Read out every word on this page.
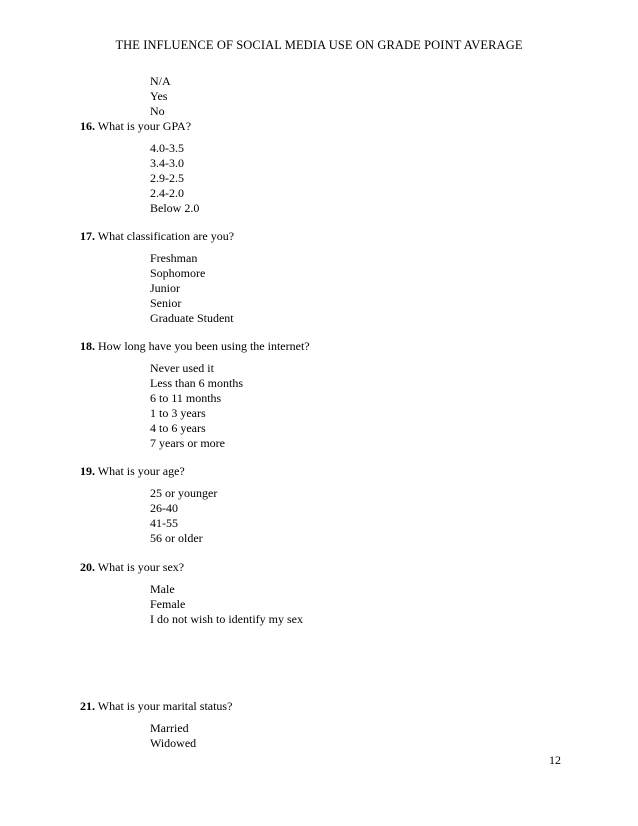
THE INFLUENCE OF SOCIAL MEDIA USE ON GRADE POINT AVERAGE
N/A
Yes
No
16. What is your GPA?
4.0-3.5
3.4-3.0
2.9-2.5
2.4-2.0
Below 2.0
17. What classification are you?
Freshman
Sophomore
Junior
Senior
Graduate Student
18. How long have you been using the internet?
Never used it
Less than 6 months
6 to 11 months
1 to 3 years
4 to 6 years
7 years or more
19. What is your age?
25 or younger
26-40
41-55
56 or older
20. What is your sex?
Male
Female
I do not wish to identify my sex
21. What is your marital status?
Married
Widowed
12
